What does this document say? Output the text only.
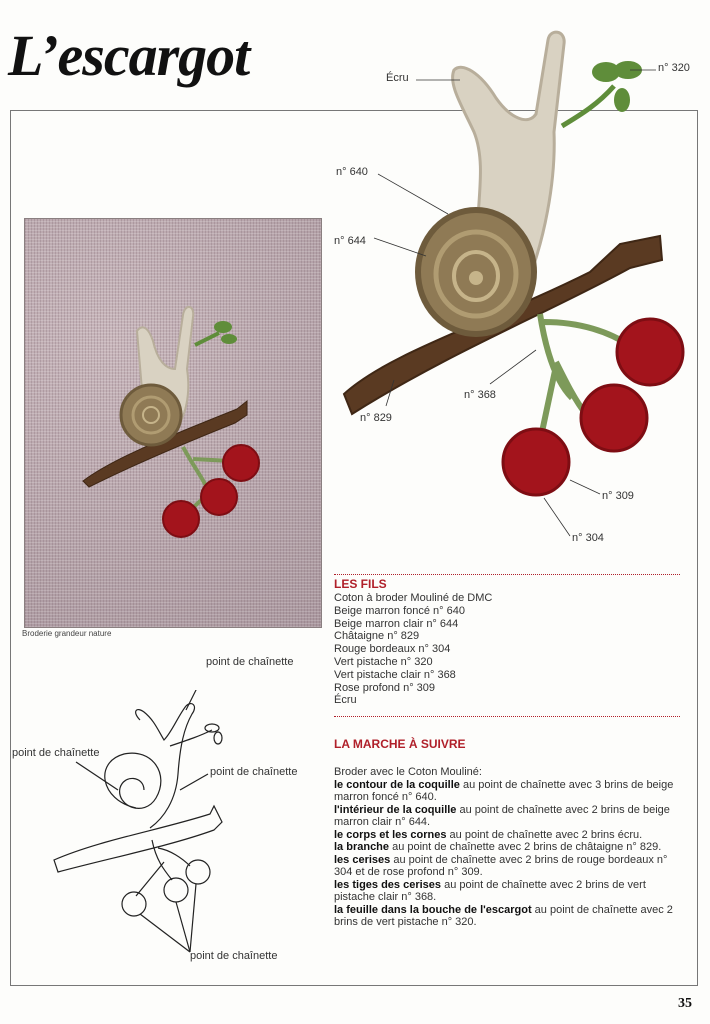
L’escargot
Broderie grandeur nature
Écru
n° 320
n° 640
n° 644
n° 368
n° 829
n° 309
n° 304
point de chaînette
point de chaînette
point de chaînette
point de chaînette

LES FILS

Coton à broder Mouliné de DMC

Beige marron foncé n° 640

Beige marron clair n° 644

Châtaigne n° 829

Rouge bordeaux n° 304

Vert pistache n° 320

Vert pistache clair n° 368

Rose profond n° 309

Écru

LA MARCHE À SUIVRE

Broder avec le Coton Mouliné:

le contour de la coquille au point de chaînette avec 3 brins de beige marron foncé n° 640.

l'intérieur de la coquille au point de chaînette avec 2 brins de beige marron clair n° 644.

le corps et les cornes au point de chaînette avec 2 brins écru.

la branche au point de chaînette avec 2 brins de châtaigne n° 829.

les cerises au point de chaînette avec 2 brins de rouge bordeaux n° 304 et de rose profond n° 309.

les tiges des cerises au point de chaînette avec 2 brins de vert pistache clair n° 368.

la feuille dans la bouche de l'escargot au point de chaînette avec 2 brins de vert pistache n° 320.

35
